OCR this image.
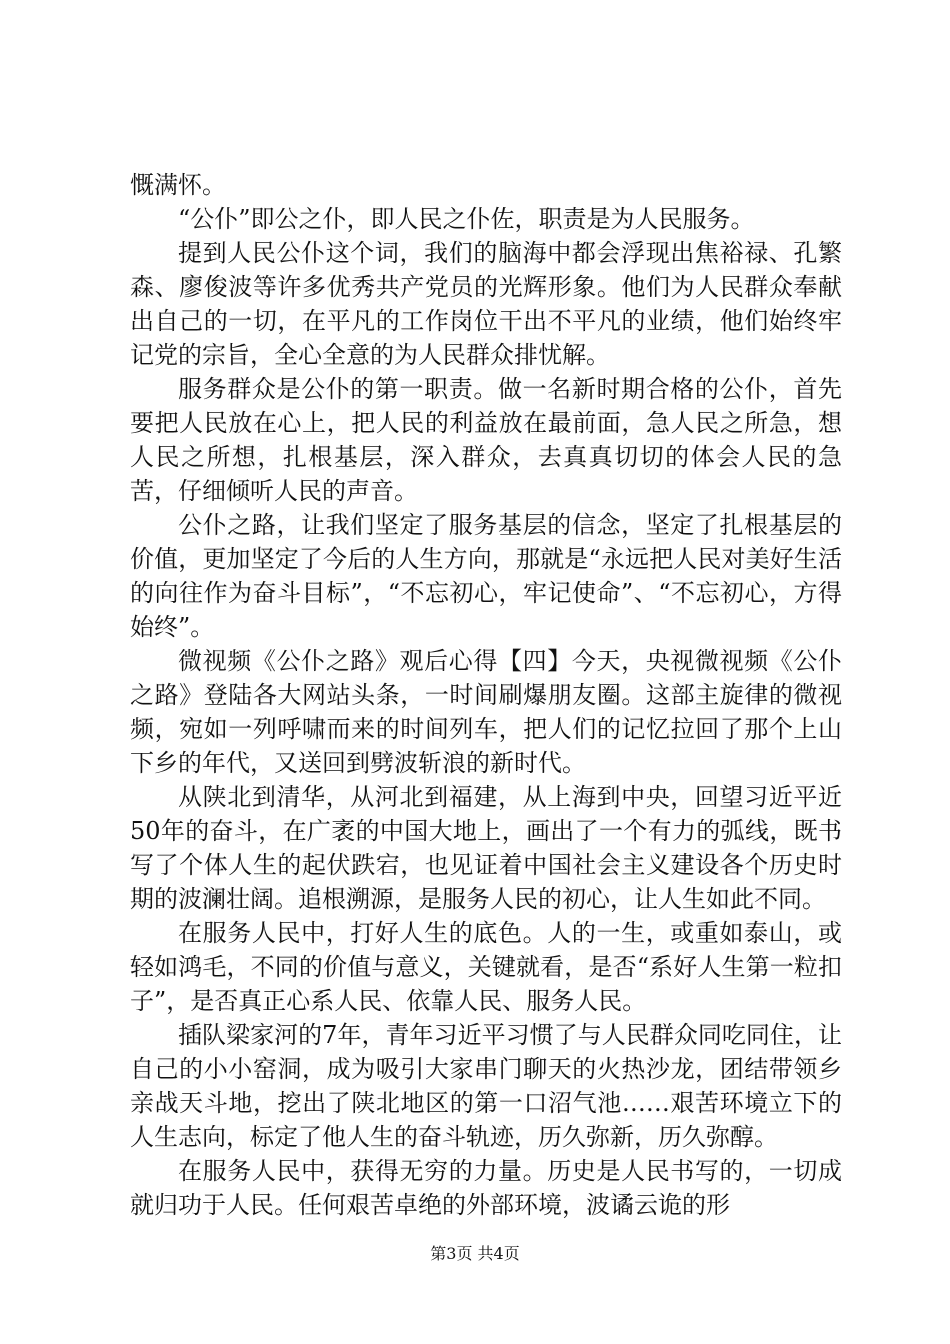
慨满怀。

“公仆”即公之仆，即人民之仆佐，职责是为人民服务。

提到人民公仆这个词，我们的脑海中都会浮现出焦裕禄、孔繁森、廖俊波等许多优秀共产党员的光辉形象。他们为人民群众奉献出自己的一切，在平凡的工作岗位干出不平凡的业绩，他们始终牢记党的宗旨，全心全意的为人民群众排忧解。

服务群众是公仆的第一职责。做一名新时期合格的公仆，首先要把人民放在心上，把人民的利益放在最前面，急人民之所急，想人民之所想，扎根基层，深入群众，去真真切切的体会人民的急苦，仔细倾听人民的声音。

公仆之路，让我们坚定了服务基层的信念，坚定了扎根基层的价值，更加坚定了今后的人生方向，那就是“永远把人民对美好生活的向往作为奋斗目标”，“不忘初心，牢记使命”、“不忘初心，方得始终”。

微视频《公仆之路》观后心得【四】今天，央视微视频《公仆之路》登陆各大网站头条，一时间刷爆朋友圈。这部主旋律的微视频，宛如一列呼啸而来的时间列车，把人们的记忆拉回了那个上山下乡的年代，又送回到劈波斩浪的新时代。

从陕北到清华，从河北到福建，从上海到中央，回望习近平近50年的奋斗，在广袤的中国大地上，画出了一个有力的弧线，既书写了个体人生的起伏跌宕，也见证着中国社会主义建设各个历史时期的波澜壮阔。追根溯源，是服务人民的初心，让人生如此不同。

在服务人民中，打好人生的底色。人的一生，或重如泰山，或轻如鸿毛，不同的价值与意义，关键就看，是否“系好人生第一粒扣子”，是否真正心系人民、依靠人民、服务人民。

插队梁家河的7年，青年习近平习惯了与人民群众同吃同住，让自己的小小窑洞，成为吸引大家串门聊天的火热沙龙，团结带领乡亲战天斗地，挖出了陕北地区的第一口沼气池……艰苦环境立下的人生志向，标定了他人生的奋斗轨迹，历久弥新，历久弥醇。

在服务人民中，获得无穷的力量。历史是人民书写的，一切成就归功于人民。任何艰苦卓绝的外部环境，波谲云诡的形

第3页 共4页
